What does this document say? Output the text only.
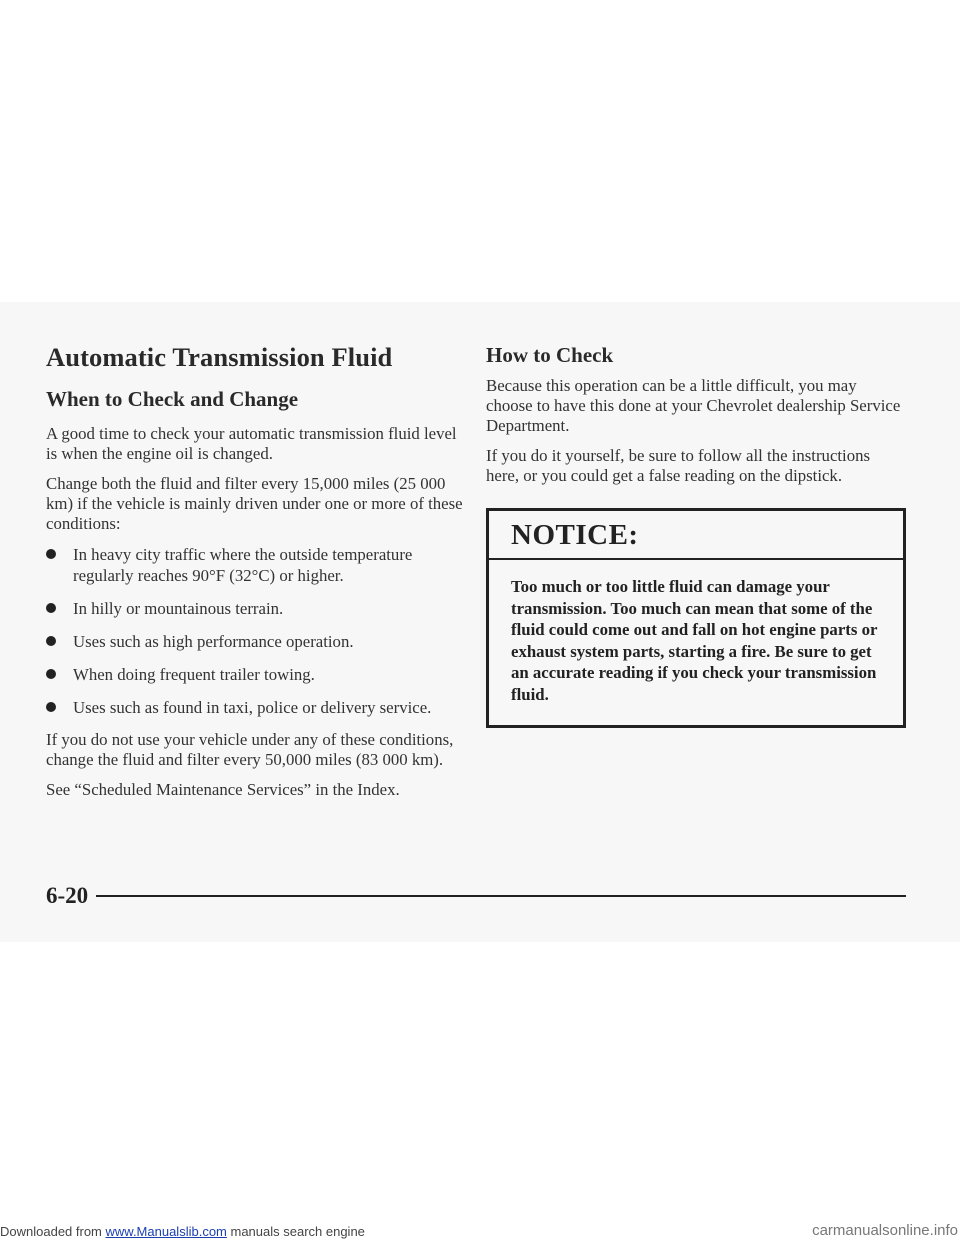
Automatic Transmission Fluid
When to Check and Change

A good time to check your automatic transmission fluid level is when the engine oil is changed.

Change both the fluid and filter every 15,000 miles (25 000 km) if the vehicle is mainly driven under one or more of these conditions:

In heavy city traffic where the outside temperature regularly reaches 90°F (32°C) or higher.
In hilly or mountainous terrain.
Uses such as high performance operation.
When doing frequent trailer towing.
Uses such as found in taxi, police or delivery service.

If you do not use your vehicle under any of these conditions, change the fluid and filter every 50,000 miles (83 000 km).

See “Scheduled Maintenance Services” in the Index.

How to Check

Because this operation can be a little difficult, you may choose to have this done at your Chevrolet dealership Service Department.

If you do it yourself, be sure to follow all the instructions here, or you could get a false reading on the dipstick.

NOTICE:
Too much or too little fluid can damage your transmission. Too much can mean that some of the fluid could come out and fall on hot engine parts or exhaust system parts, starting a fire. Be sure to get an accurate reading if you check your transmission fluid.
6-20
Downloaded from www.Manualslib.com manuals search engine	carmanualsonline.info
